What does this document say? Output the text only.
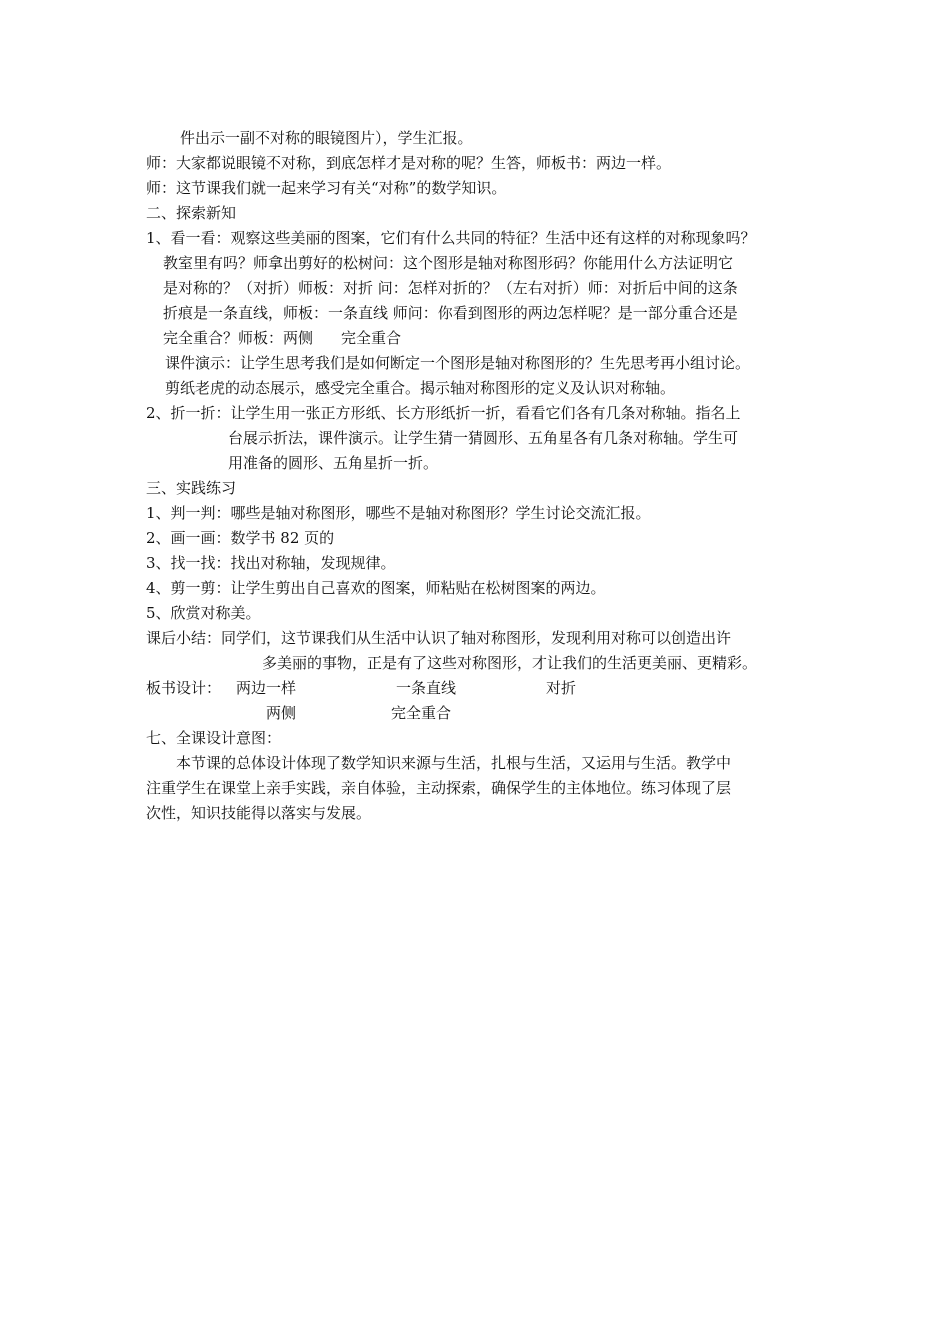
件出示一副不对称的眼镜图片），学生汇报。
师：大家都说眼镜不对称，到底怎样才是对称的呢？生答，师板书：两边一样。
师：这节课我们就一起来学习有关“对称”的数学知识。
二、探索新知
1、看一看：观察这些美丽的图案，它们有什么共同的特征？生活中还有这样的对称现象吗？
教室里有吗？师拿出剪好的松树问：这个图形是轴对称图形码？你能用什么方法证明它
是对称的？（对折）师板：对折 问：怎样对折的？（左右对折）师：对折后中间的这条
折痕是一条直线，师板：一条直线 师问：你看到图形的两边怎样呢？是一部分重合还是
完全重合？师板：两侧 完全重合
课件演示：让学生思考我们是如何断定一个图形是轴对称图形的？生先思考再小组讨论。
剪纸老虎的动态展示，感受完全重合。揭示轴对称图形的定义及认识对称轴。
2、折一折：让学生用一张正方形纸、长方形纸折一折，看看它们各有几条对称轴。指名上
台展示折法，课件演示。让学生猜一猜圆形、五角星各有几条对称轴。学生可
用准备的圆形、五角星折一折。
三、实践练习
1、判一判：哪些是轴对称图形，哪些不是轴对称图形？学生讨论交流汇报。
2、画一画：数学书 82 页的
3、找一找：找出对称轴，发现规律。
4、剪一剪：让学生剪出自己喜欢的图案，师粘贴在松树图案的两边。
5、欣赏对称美。
课后小结：同学们，这节课我们从生活中认识了轴对称图形，发现利用对称可以创造出许
多美丽的事物，正是有了这些对称图形，才让我们的生活更美丽、更精彩。
板书设计： 两边一样	一条直线	对折
两侧	完全重合
七、全课设计意图：
本节课的总体设计体现了数学知识来源与生活，扎根与生活，又运用与生活。教学中
注重学生在课堂上亲手实践，亲自体验，主动探索，确保学生的主体地位。练习体现了层
次性，知识技能得以落实与发展。
